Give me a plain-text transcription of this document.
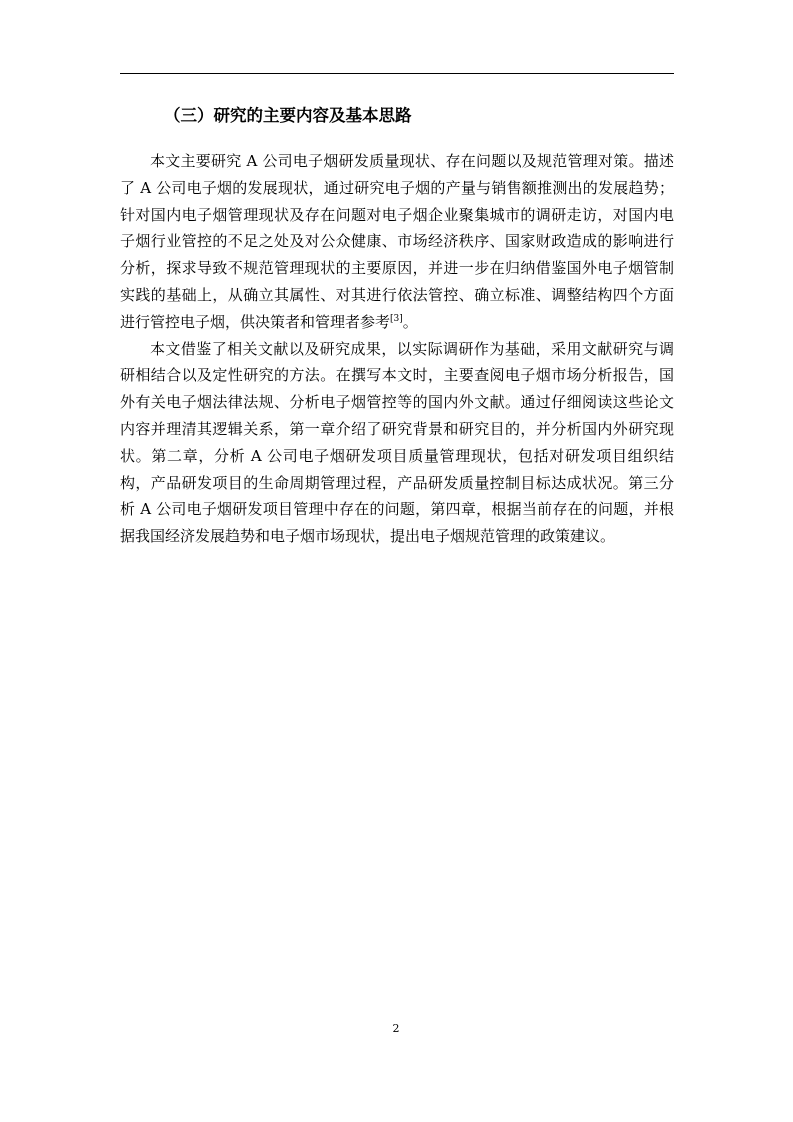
（三）研究的主要内容及基本思路

本文主要研究 A 公司电子烟研发质量现状、存在问题以及规范管理对策。描述了 A 公司电子烟的发展现状，通过研究电子烟的产量与销售额推测出的发展趋势；针对国内电子烟管理现状及存在问题对电子烟企业聚集城市的调研走访，对国内电子烟行业管控的不足之处及对公众健康、市场经济秩序、国家财政造成的影响进行分析，探求导致不规范管理现状的主要原因，并进一步在归纳借鉴国外电子烟管制实践的基础上，从确立其属性、对其进行依法管控、确立标准、调整结构四个方面进行管控电子烟，供决策者和管理者参考[3]。

本文借鉴了相关文献以及研究成果，以实际调研作为基础，采用文献研究与调研相结合以及定性研究的方法。在撰写本文时，主要查阅电子烟市场分析报告，国外有关电子烟法律法规、分析电子烟管控等的国内外文献。通过仔细阅读这些论文内容并理清其逻辑关系，第一章介绍了研究背景和研究目的，并分析国内外研究现状。第二章，分析 A 公司电子烟研发项目质量管理现状，包括对研发项目组织结构，产品研发项目的生命周期管理过程，产品研发质量控制目标达成状况。第三分析 A 公司电子烟研发项目管理中存在的问题，第四章，根据当前存在的问题，并根据我国经济发展趋势和电子烟市场现状，提出电子烟规范管理的政策建议。

2
